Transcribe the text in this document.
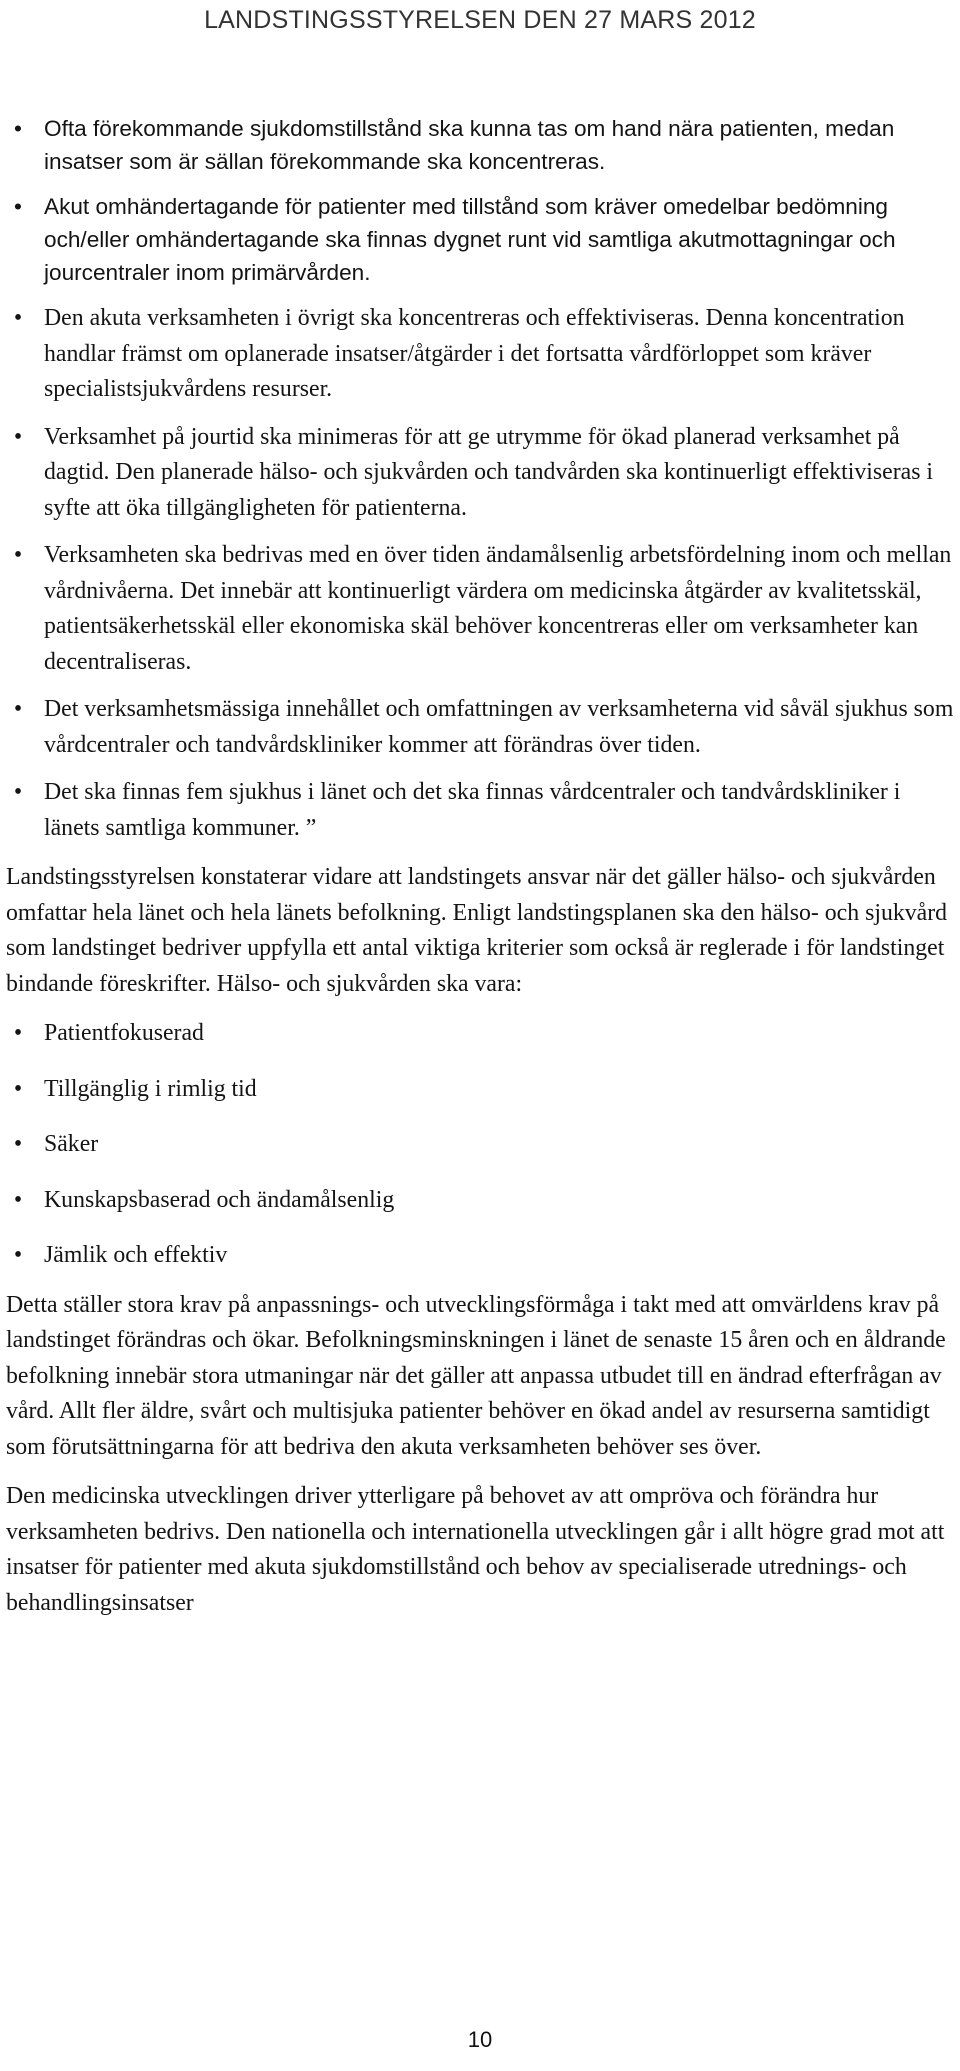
LANDSTINGSSTYRELSEN DEN 27 MARS 2012
• Ofta förekommande sjukdomstillstånd ska kunna tas om hand nära patienten, medan insatser som är sällan förekommande ska koncentreras.
• Akut omhändertagande för patienter med tillstånd som kräver omedelbar bedömning och/eller omhändertagande ska finnas dygnet runt vid samtliga akutmottagningar och jourcentraler inom primärvården.
• Den akuta verksamheten i övrigt ska koncentreras och effektiviseras. Denna koncentration handlar främst om oplanerade insatser/åtgärder i det fortsatta vårdförloppet som kräver specialistsjukvårdens resurser.
• Verksamhet på jourtid ska minimeras för att ge utrymme för ökad planerad verksamhet på dagtid. Den planerade hälso- och sjukvården och tandvården ska kontinuerligt effektiviseras i syfte att öka tillgängligheten för patienterna.
• Verksamheten ska bedrivas med en över tiden ändamålsenlig arbetsfördelning inom och mellan vårdnivåerna. Det innebär att kontinuerligt värdera om medicinska åtgärder av kvalitetsskäl, patientsäkerhetsskäl eller ekonomiska skäl behöver koncentreras eller om verksamheter kan decentraliseras.
• Det verksamhetsmässiga innehållet och omfattningen av verksamheterna vid såväl sjukhus som vårdcentraler och tandvårdskliniker kommer att förändras över tiden.
• Det ska finnas fem sjukhus i länet och det ska finnas vårdcentraler och tandvårdskliniker i länets samtliga kommuner. ”

Landstingsstyrelsen konstaterar vidare att landstingets ansvar när det gäller hälso- och sjukvården omfattar hela länet och hela länets befolkning. Enligt landstingsplanen ska den hälso- och sjukvård som landstinget bedriver uppfylla ett antal viktiga kriterier som också är reglerade i för landstinget bindande föreskrifter. Hälso- och sjukvården ska vara:

• Patientfokuserad
• Tillgänglig i rimlig tid
• Säker
• Kunskapsbaserad och ändamålsenlig
• Jämlik och effektiv

Detta ställer stora krav på anpassnings- och utvecklingsförmåga i takt med att omvärldens krav på landstinget förändras och ökar. Befolkningsminskningen i länet de senaste 15 åren och en åldrande befolkning innebär stora utmaningar när det gäller att anpassa utbudet till en ändrad efterfrågan av vård. Allt fler äldre, svårt och multisjuka patienter behöver en ökad andel av resurserna samtidigt som förutsättningarna för att bedriva den akuta verksamheten behöver ses över.

Den medicinska utvecklingen driver ytterligare på behovet av att ompröva och förändra hur verksamheten bedrivs. Den nationella och internationella utvecklingen går i allt högre grad mot att insatser för patienter med akuta sjukdomstillstånd och behov av specialiserade utrednings- och behandlingsinsatser

10
